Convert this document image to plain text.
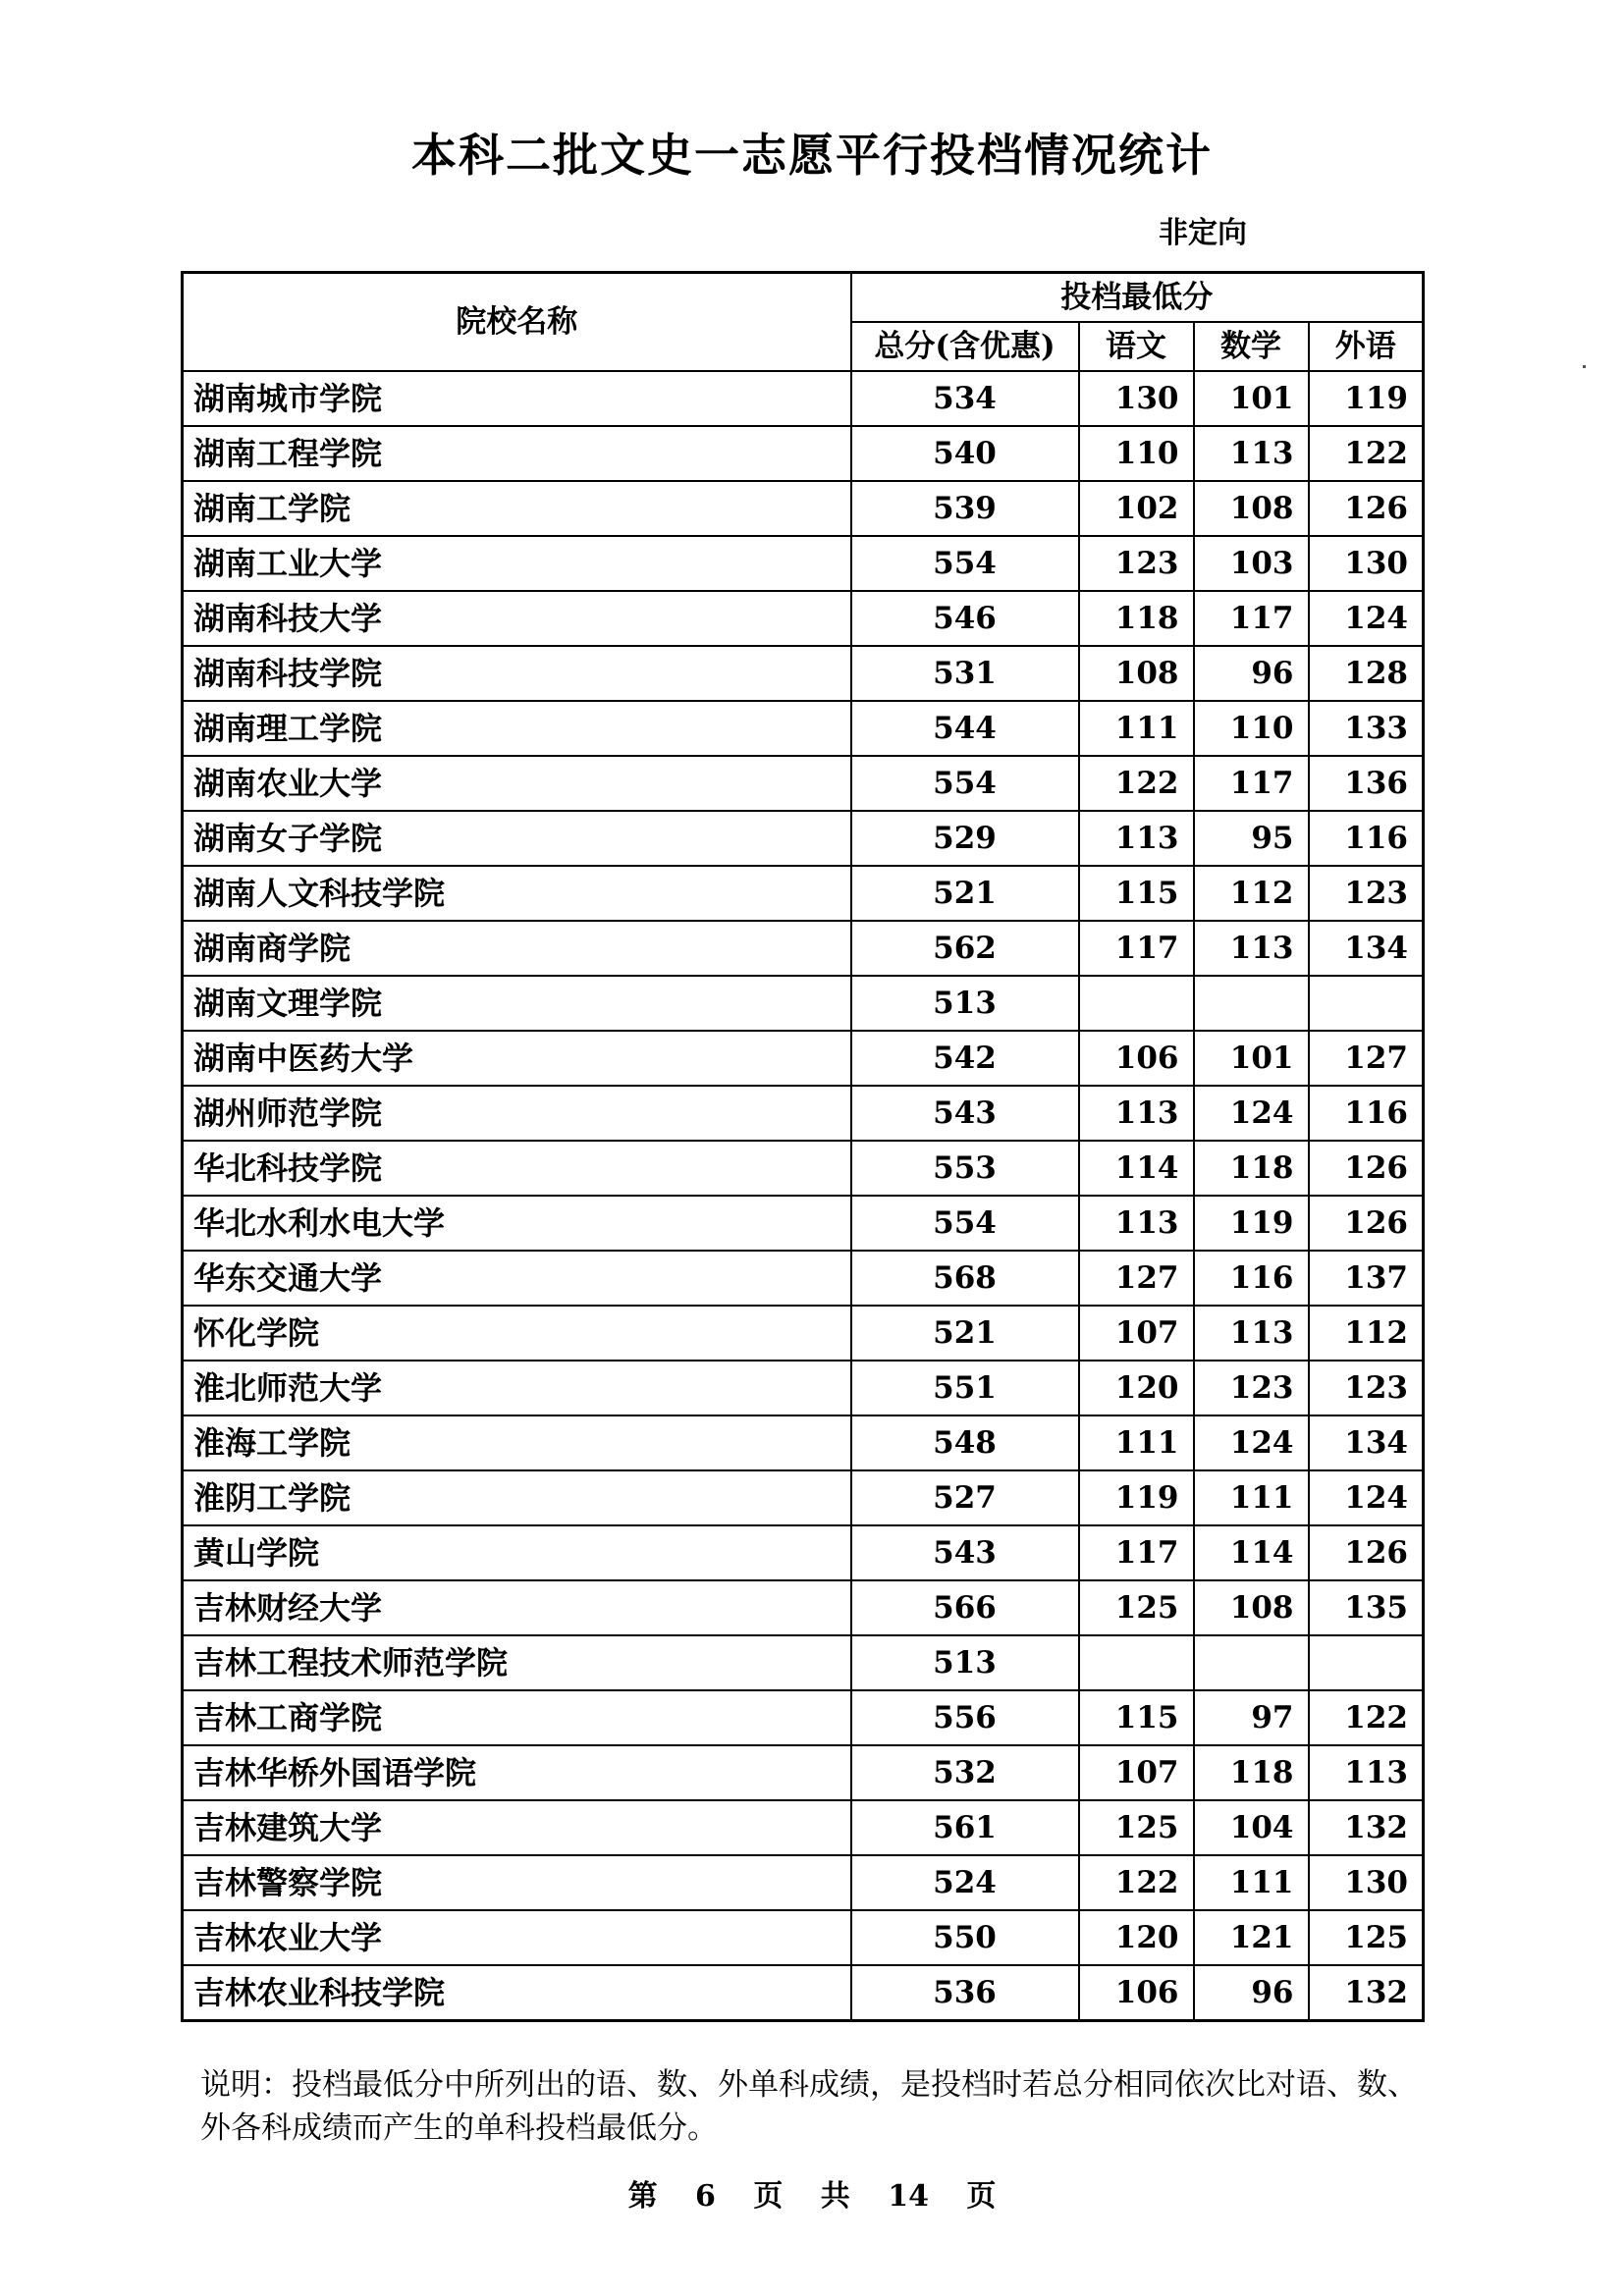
本科二批文史一志愿平行投档情况统计
非定向
院校名称	投档最低分			
	总分(含优惠)	语文	数学	外语
湖南城市学院	534	130	101	119
湖南工程学院	540	110	113	122
湖南工学院	539	102	108	126
湖南工业大学	554	123	103	130
湖南科技大学	546	118	117	124
湖南科技学院	531	108	96	128
湖南理工学院	544	111	110	133
湖南农业大学	554	122	117	136
湖南女子学院	529	113	95	116
湖南人文科技学院	521	115	112	123
湖南商学院	562	117	113	134
湖南文理学院	513			
湖南中医药大学	542	106	101	127
湖州师范学院	543	113	124	116
华北科技学院	553	114	118	126
华北水利水电大学	554	113	119	126
华东交通大学	568	127	116	137
怀化学院	521	107	113	112
淮北师范大学	551	120	123	123
淮海工学院	548	111	124	134
淮阴工学院	527	119	111	124
黄山学院	543	117	114	126
吉林财经大学	566	125	108	135
吉林工程技术师范学院	513			
吉林工商学院	556	115	97	122
吉林华桥外国语学院	532	107	118	113
吉林建筑大学	561	125	104	132
吉林警察学院	524	122	111	130
吉林农业大学	550	120	121	125
吉林农业科技学院	536	106	96	132
说明：投档最低分中所列出的语、数、外单科成绩，是投档时若总分相同依次比对语、数、外各科成绩而产生的单科投档最低分。
第 6 页 共 14 页
